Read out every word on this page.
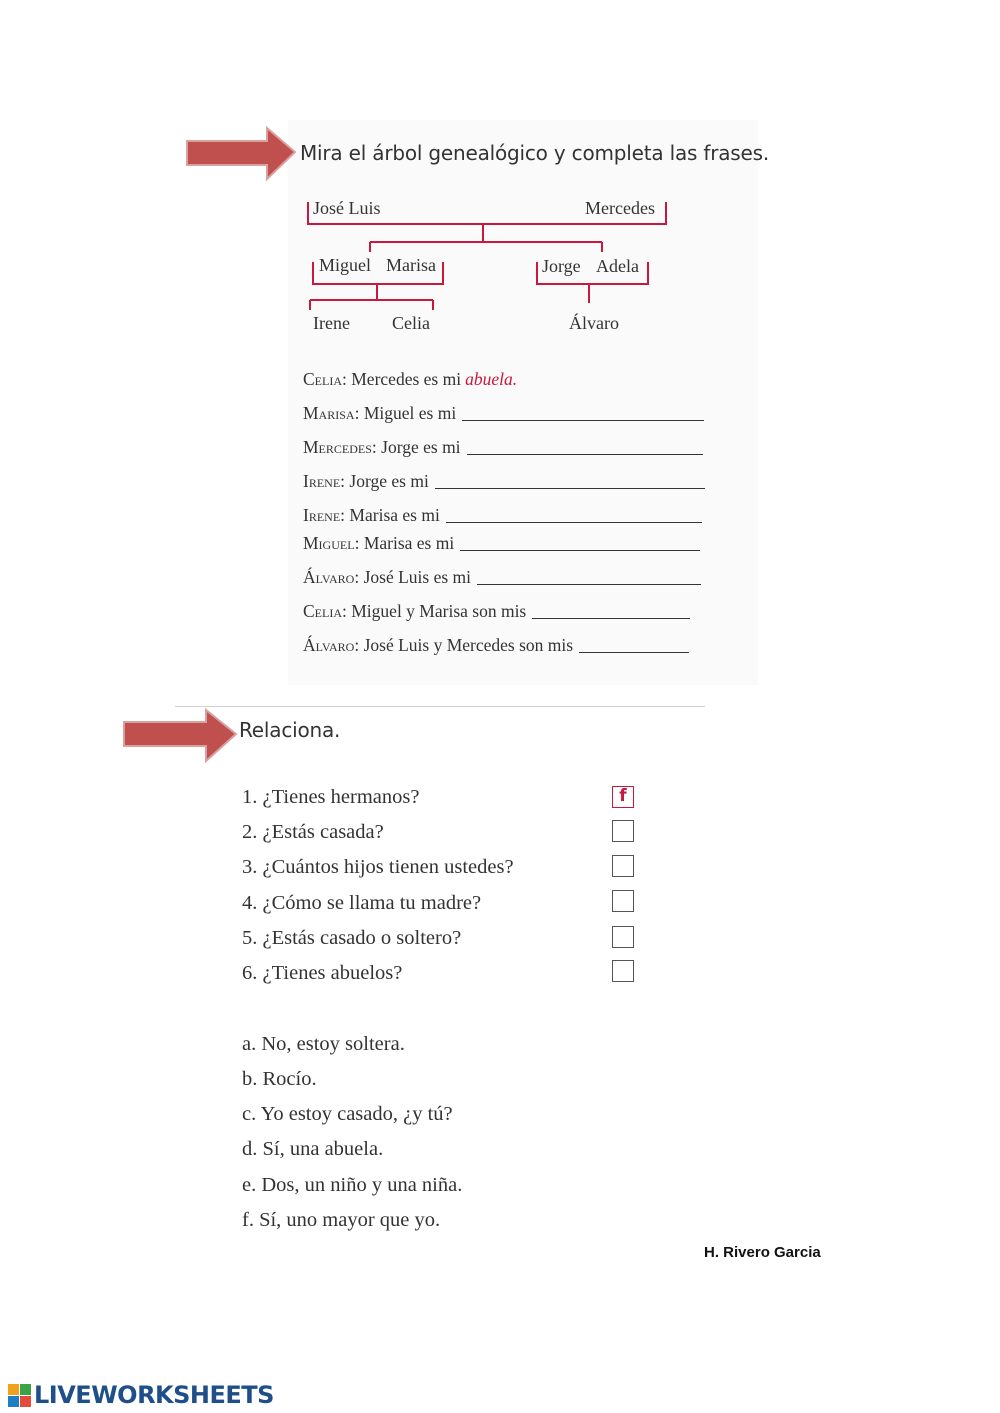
Mira el árbol genealógico y completa las frases.
José Luis	Mercedes
Miguel Marisa	Jorge Adela
Irene Celia	Álvaro
Celia : Mercedes es mi abuela.
Marisa : Miguel es mi
Mercedes : Jorge es mi
Irene : Jorge es mi
Irene : Marisa es mi
Miguel : Marisa es mi
Álvaro : José Luis es mi
Celia : Miguel y Marisa son mis
Álvaro : José Luis y Mercedes son mis
Relaciona.
1. ¿Tienes hermanos?
2. ¿Estás casada?
3. ¿Cuántos hijos tienen ustedes?
4. ¿Cómo se llama tu madre?
5. ¿Estás casado o soltero?
6. ¿Tienes abuelos?
f
a. No, estoy soltera.
b. Rocío.
c. Yo estoy casado, ¿y tú?
d. Sí, una abuela.
e. Dos, un niño y una niña.
f. Sí, uno mayor que yo.
H. Rivero Garcia
LIVEWORKSHEETS
